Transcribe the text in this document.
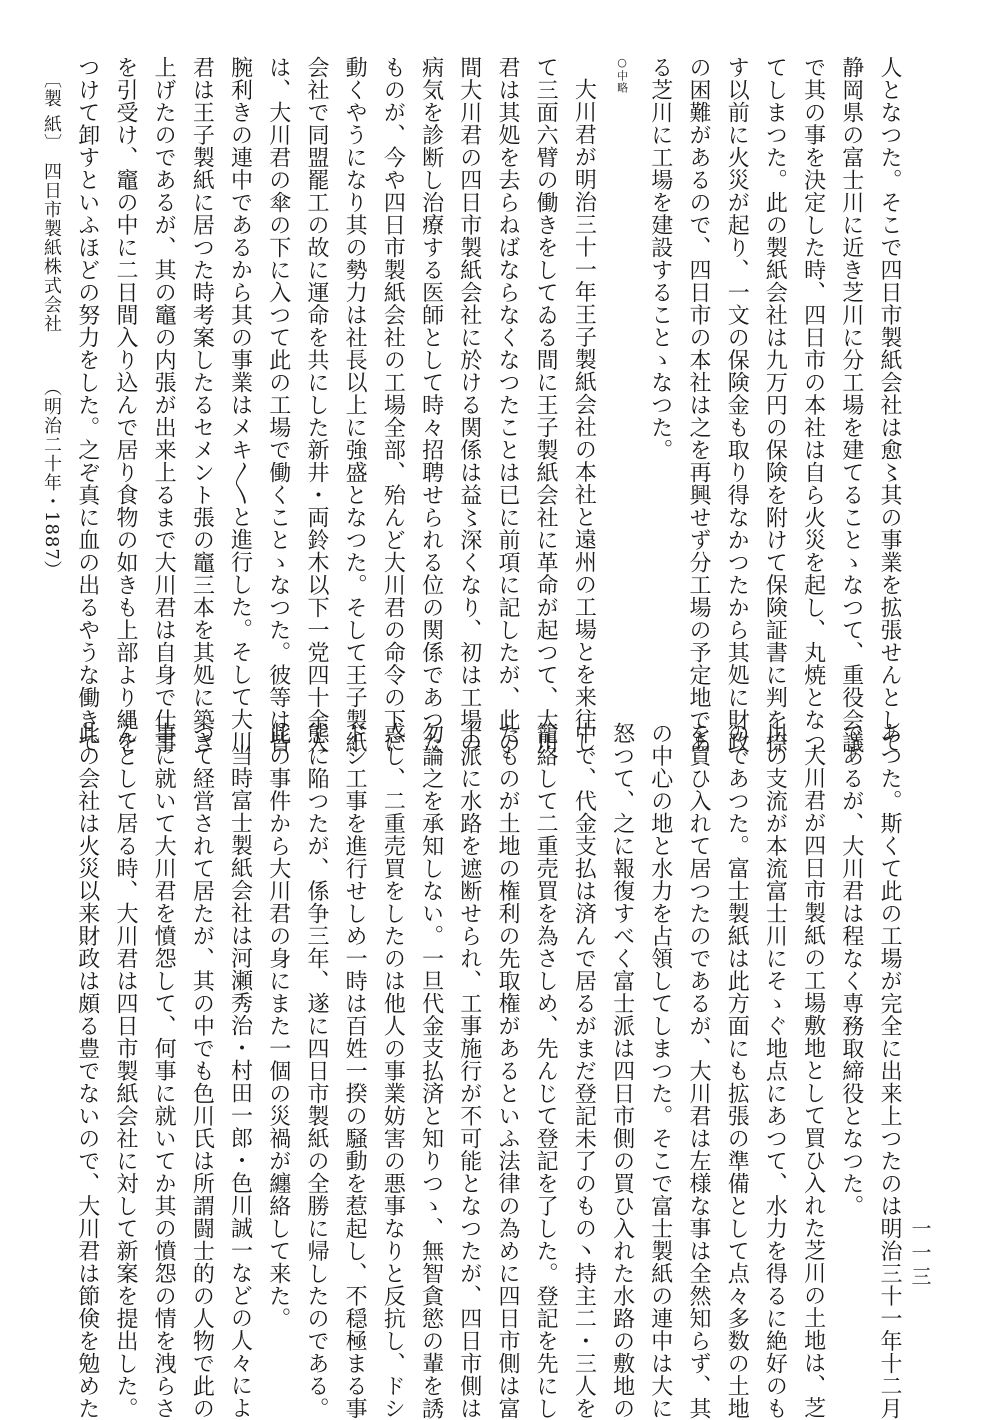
人となつた。そこで四日市製紙会社は愈〻其の事業を拡張せんとして
静岡県の富士川に近き芝川に分工場を建てることゝなつて、重役会議
で其の事を決定した時、四日市の本社は自ら火災を起し、丸焼となつ
てしまつた。此の製紙会社は九万円の保険を附けて保険証書に判を捺
す以前に火災が起り、一文の保険金も取り得なかつたから其処に財政
の困難があるので、四日市の本社は之を再興せず分工場の予定地であ
る芝川に工場を建設することゝなつた。
○中略
大川君が明治三十一年王子製紙会社の本社と遠州の工場とを来往し
て三面六臂の働きをしてゐる間に王子製紙会社に革命が起つて、大川
君は其処を去らねばならなくなつたことは已に前項に記したが、此の
間大川君の四日市製紙会社に於ける関係は益〻深くなり、初は工場の
病気を診断し治療する医師として時々招聘せられる位の関係であつた
ものが、今や四日市製紙会社の工場全部、殆んど大川君の命令の下に
動くやうになり其の勢力は社長以上に強盛となつた。そして王子製紙
会社で同盟罷工の故に運命を共にした新井・両鈴木以下一党四十余人
は、大川君の傘の下に入つて此の工場で働くことゝなつた。彼等は皆
腕利きの連中であるから其の事業はメキ〳〵と進行した。そして大川
君は王子製紙に居つた時考案したるセメント張の竈三本を其処に築き
上げたのであるが、其の竈の内張が出来上るまで大川君は自身で仕事
を引受け、竈の中に二日間入り込んで居り食物の如きも上部より縄を
つけて卸すといふほどの努力をした。之ぞ真に血の出るやうな働きで
あつた。斯くて此の工場が完全に出来上つたのは明治三十一年十二月
であるが、大川君は程なく専務取締役となつた。
大川君が四日市製紙の工場敷地として買ひ入れた芝川の土地は、芝
川の支流が本流富士川にそゝぐ地点にあつて、水力を得るに絶好のも
のであつた。富士製紙は此方面にも拡張の準備として点々多数の土地
を買ひ入れて居つたのであるが、大川君は左様な事は全然知らず、其
の中心の地と水力を占領してしまつた。そこで富士製紙の連中は大に
怒つて、之に報復すべく富士派は四日市側の買ひ入れた水路の敷地の
中で、代金支払は済んで居るがまだ登記未了のもの丶持主二・三人を
籠絡して二重売買を為さしめ、先んじて登記を了した。登記を先にし
たものが土地の権利の先取権があるといふ法律の為めに四日市側は富
士派に水路を遮断せられ、工事施行が不可能となつたが、四日市側は
勿論之を承知しない。一旦代金支払済と知りつゝ、無智貪慾の輩を誘
惑し、二重売買をしたのは他人の事業妨害の悪事なりと反抗し、ドシ
ドシ工事を進行せしめ一時は百姓一揆の騒動を惹起し、不穏極まる事
態に陥つたが、係争三年、遂に四日市製紙の全勝に帰したのである。
此の事件から大川君の身にまた一個の災禍が纏絡して来た。
当時富士製紙会社は河瀬秀治・村田一郎・色川誠一などの人々によ
つて経営されて居たが、其の中でも色川氏は所謂闘士的の人物で此の
事に就いて大川君を憤怨して、何事に就いてか其の憤怨の情を洩らさ
んとして居る時、大川君は四日市製紙会社に対して新案を提出した。
此の会社は火災以来財政は頗る豊でないので、大川君は節倹を勉めた
〔製 紙〕
四日市製紙株式会社
（明治二十年・1887）
一一三
